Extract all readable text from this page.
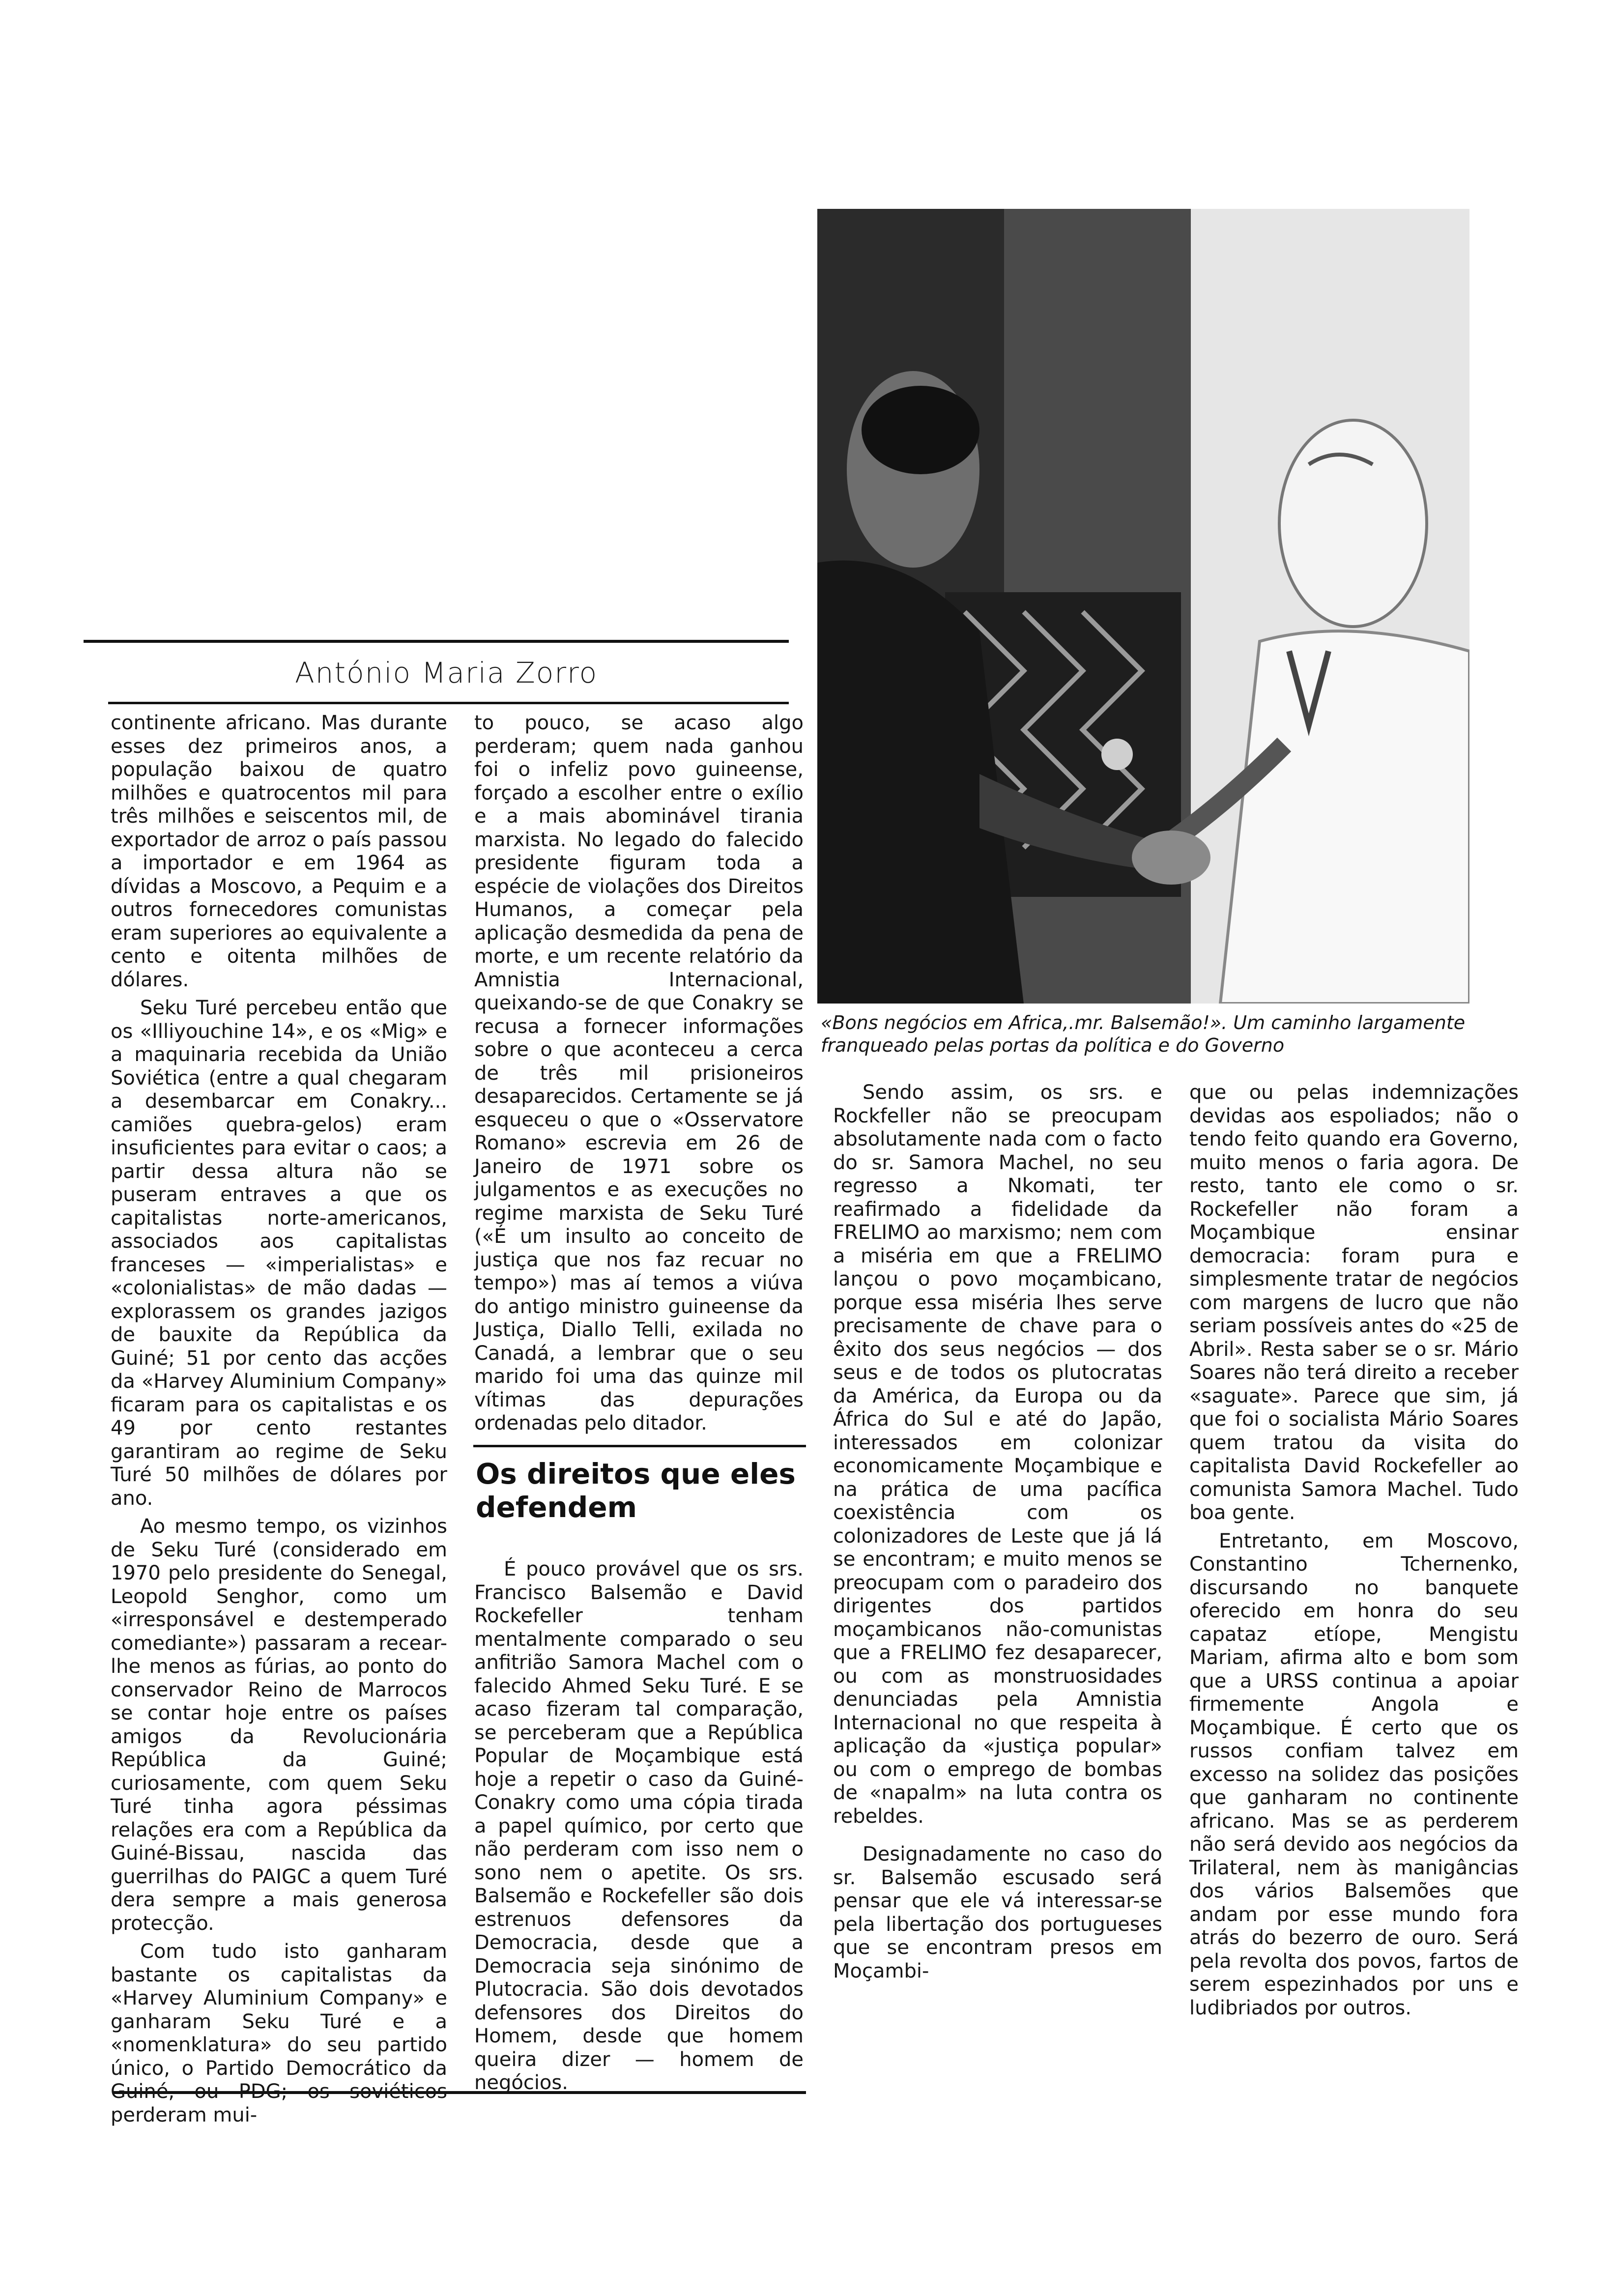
António Maria Zorro
«Bons negócios em Africa,.mr. Balsemão!». Um caminho largamente franqueado pelas portas da política e do Governo

continente africano. Mas durante esses dez primeiros anos, a população baixou de quatro milhões e quatrocentos mil para três milhões e seiscentos mil, de exportador de arroz o país passou a importador e em 1964 as dívidas a Moscovo, a Pequim e a outros fornecedores comunistas eram superiores ao equivalente a cento e oitenta milhões de dólares.

Seku Turé percebeu então que os «Illiyouchine 14», e os «Mig» e a maquinaria recebida da União Soviética (entre a qual chegaram a desembarcar em Conakry... camiões quebra-gelos) eram insuficientes para evitar o caos; a partir dessa altura não se puseram entraves a que os capitalistas norte-americanos, associados aos capitalistas franceses — «imperialistas» e «colonialistas» de mão dadas — explorassem os grandes jazigos de bauxite da República da Guiné; 51 por cento das acções da «Harvey Aluminium Company» ficaram para os capitalistas e os 49 por cento restantes garantiram ao regime de Seku Turé 50 milhões de dólares por ano.

Ao mesmo tempo, os vizinhos de Seku Turé (considerado em 1970 pelo presidente do Senegal, Leopold Senghor, como um «irresponsável e destemperado comediante») passaram a recear-lhe menos as fúrias, ao ponto do conservador Reino de Marrocos se contar hoje entre os países amigos da Revolucionária República da Guiné; curiosamente, com quem Seku Turé tinha agora péssimas relações era com a República da Guiné-Bissau, nascida das guerrilhas do PAIGC a quem Turé dera sempre a mais generosa protecção.

Com tudo isto ganharam bastante os capitalistas da «Harvey Aluminium Company» e ganharam Seku Turé e a «nomenklatura» do seu partido único, o Partido Democrático da Guiné, ou PDG; os soviéticos perderam mui-

to pouco, se acaso algo perderam; quem nada ganhou foi o infeliz povo guineense, forçado a escolher entre o exílio e a mais abominável tirania marxista. No legado do falecido presidente figuram toda a espécie de violações dos Direitos Humanos, a começar pela aplicação desmedida da pena de morte, e um recente relatório da Amnistia Internacional, queixando-se de que Conakry se recusa a fornecer informações sobre o que aconteceu a cerca de três mil prisioneiros desaparecidos. Certamente se já esqueceu o que o «Osservatore Romano» escrevia em 26 de Janeiro de 1971 sobre os julgamentos e as execuções no regime marxista de Seku Turé («É um insulto ao conceito de justiça que nos faz recuar no tempo») mas aí temos a viúva do antigo ministro guineense da Justiça, Diallo Telli, exilada no Canadá, a lembrar que o seu marido foi uma das quinze mil vítimas das depurações ordenadas pelo ditador.

Os direitos que eles defendem

É pouco provável que os srs. Francisco Balsemão e David Rockefeller tenham mentalmente comparado o seu anfitrião Samora Machel com o falecido Ahmed Seku Turé. E se acaso fizeram tal comparação, se perceberam que a República Popular de Moçambique está hoje a repetir o caso da Guiné-Conakry como uma cópia tirada a papel químico, por certo que não perderam com isso nem o sono nem o apetite. Os srs. Balsemão e Rockefeller são dois estrenuos defensores da Democracia, desde que a Democracia seja sinónimo de Plutocracia. São dois devotados defensores dos Direitos do Homem, desde que homem queira dizer — homem de negócios.

Sendo assim, os srs. e Rockfeller não se preocupam absolutamente nada com o facto do sr. Samora Machel, no seu regresso a Nkomati, ter reafirmado a fidelidade da FRELIMO ao marxismo; nem com a miséria em que a FRELIMO lançou o povo moçambicano, porque essa miséria lhes serve precisamente de chave para o êxito dos seus negócios — dos seus e de todos os plutocratas da América, da Europa ou da África do Sul e até do Japão, interessados em colonizar economicamente Moçambique e na prática de uma pacífica coexistência com os colonizadores de Leste que já lá se encontram; e muito menos se preocupam com o paradeiro dos dirigentes dos partidos moçambicanos não-comunistas que a FRELIMO fez desaparecer, ou com as monstruosidades denunciadas pela Amnistia Internacional no que respeita à aplicação da «justiça popular» ou com o emprego de bombas de «napalm» na luta contra os rebeldes.

Designadamente no caso do sr. Balsemão escusado será pensar que ele vá interessar-se pela libertação dos portugueses que se encontram presos em Moçambi-

que ou pelas indemnizações devidas aos espoliados; não o tendo feito quando era Governo, muito menos o faria agora. De resto, tanto ele como o sr. Rockefeller não foram a Moçambique ensinar democracia: foram pura e simplesmente tratar de negócios com margens de lucro que não seriam possíveis antes do «25 de Abril». Resta saber se o sr. Mário Soares não terá direito a receber «saguate». Parece que sim, já que foi o socialista Mário Soares quem tratou da visita do capitalista David Rockefeller ao comunista Samora Machel. Tudo boa gente.

Entretanto, em Moscovo, Constantino Tchernenko, discursando no banquete oferecido em honra do seu capataz etíope, Mengistu Mariam, afirma alto e bom som que a URSS continua a apoiar firmemente Angola e Moçambique. É certo que os russos confiam talvez em excesso na solidez das posições que ganharam no continente africano. Mas se as perderem não será devido aos negócios da Trilateral, nem às manigâncias dos vários Balsemões que andam por esse mundo fora atrás do bezerro de ouro. Será pela revolta dos povos, fartos de serem espezinhados por uns e ludibriados por outros.
